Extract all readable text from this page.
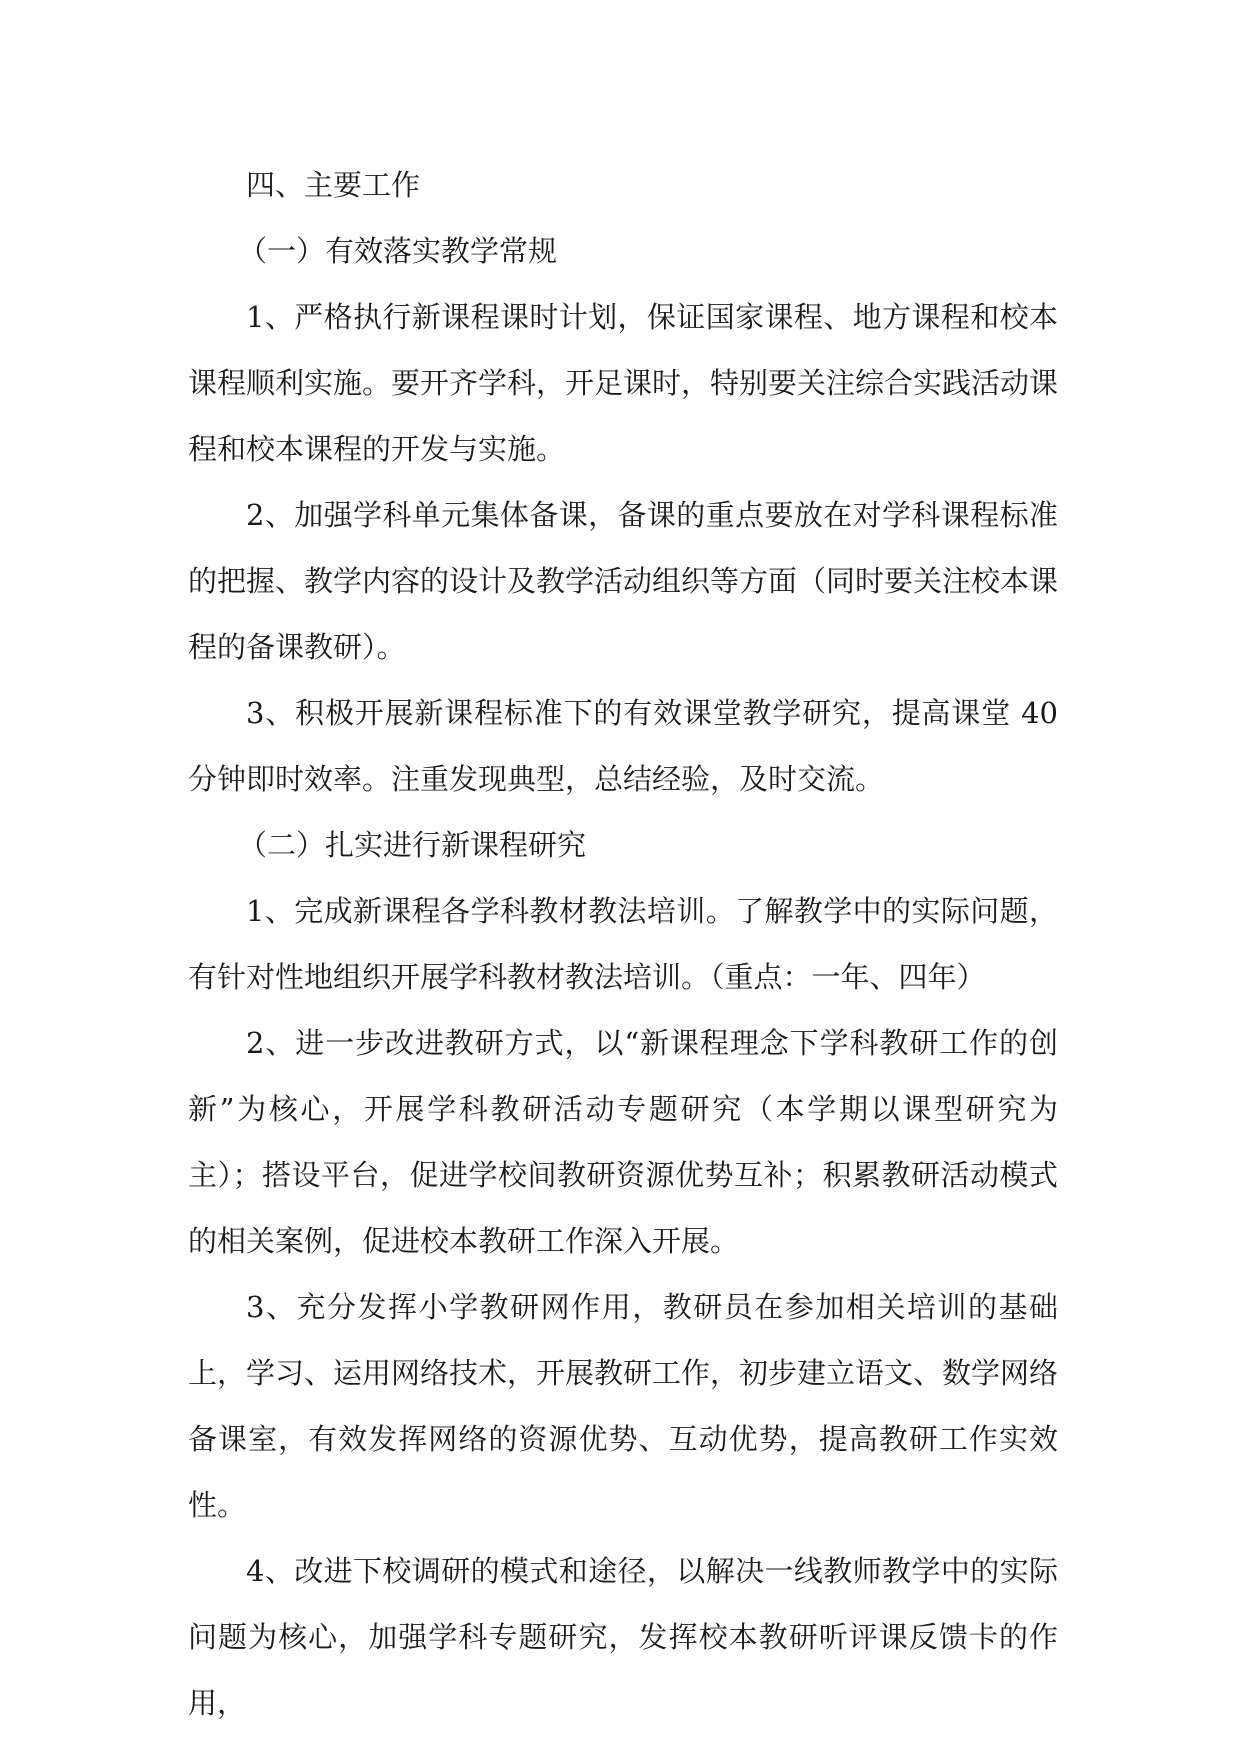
四、主要工作

（一）有效落实教学常规

1、严格执行新课程课时计划，保证国家课程、地方课程和校本课程顺利实施。要开齐学科，开足课时，特别要关注综合实践活动课程和校本课程的开发与实施。

2、加强学科单元集体备课，备课的重点要放在对学科课程标准的把握、教学内容的设计及教学活动组织等方面（同时要关注校本课程的备课教研）。

3、积极开展新课程标准下的有效课堂教学研究，提高课堂 40 分钟即时效率。注重发现典型，总结经验，及时交流。

（二）扎实进行新课程研究

1、完成新课程各学科教材教法培训。了解教学中的实际问题，有针对性地组织开展学科教材教法培训。（重点：一年、四年）

2、进一步改进教研方式，以“新课程理念下学科教研工作的创新”为核心，开展学科教研活动专题研究（本学期以课型研究为主）；搭设平台，促进学校间教研资源优势互补；积累教研活动模式的相关案例，促进校本教研工作深入开展。

3、充分发挥小学教研网作用，教研员在参加相关培训的基础上，学习、运用网络技术，开展教研工作，初步建立语文、数学网络备课室，有效发挥网络的资源优势、互动优势，提高教研工作实效性。

4、改进下校调研的模式和途径，以解决一线教师教学中的实际问题为核心，加强学科专题研究，发挥校本教研听评课反馈卡的作用，
